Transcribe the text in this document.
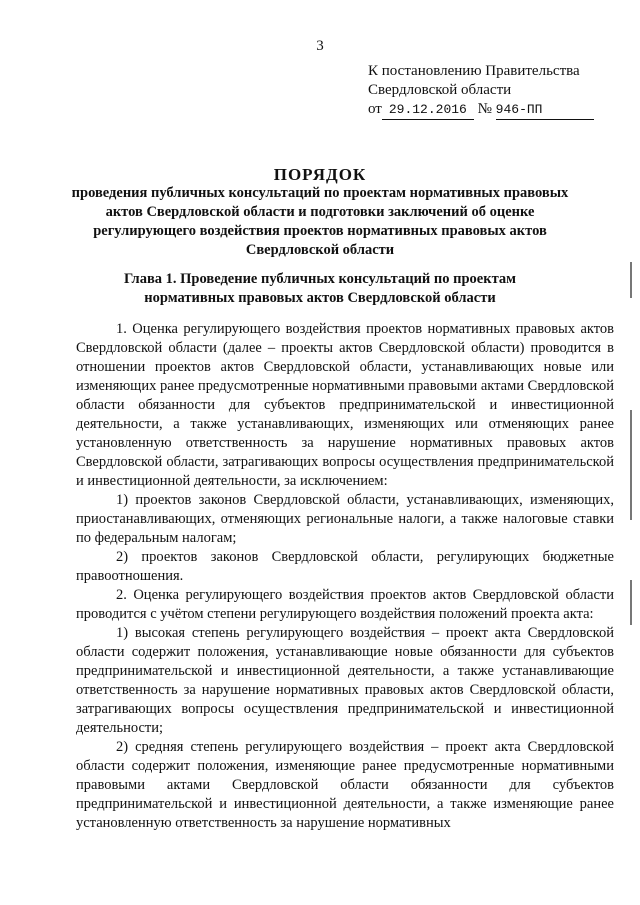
3
К постановлению Правительства
Свердловской области
от 29.12.2016 № 946-ПП
ПОРЯДОК
проведения публичных консультаций по проектам нормативных правовых актов Свердловской области и подготовки заключений об оценке регулирующего воздействия проектов нормативных правовых актов Свердловской области
Глава 1. Проведение публичных консультаций по проектам нормативных правовых актов Свердловской области

1. Оценка регулирующего воздействия проектов нормативных правовых актов Свердловской области (далее – проекты актов Свердловской области) проводится в отношении проектов актов Свердловской области, устанавливающих новые или изменяющих ранее предусмотренные нормативными правовыми актами Свердловской области обязанности для субъектов предпринимательской и инвестиционной деятельности, а также устанавливающих, изменяющих или отменяющих ранее установленную ответственность за нарушение нормативных правовых актов Свердловской области, затрагивающих вопросы осуществления предпринимательской и инвестиционной деятельности, за исключением:

1) проектов законов Свердловской области, устанавливающих, изменяющих, приостанавливающих, отменяющих региональные налоги, а также налоговые ставки по федеральным налогам;

2) проектов законов Свердловской области, регулирующих бюджетные правоотношения.

2. Оценка регулирующего воздействия проектов актов Свердловской области проводится с учётом степени регулирующего воздействия положений проекта акта:

1) высокая степень регулирующего воздействия – проект акта Свердловской области содержит положения, устанавливающие новые обязанности для субъектов предпринимательской и инвестиционной деятельности, а также устанавливающие ответственность за нарушение нормативных правовых актов Свердловской области, затрагивающих вопросы осуществления предпринимательской и инвестиционной деятельности;

2) средняя степень регулирующего воздействия – проект акта Свердловской области содержит положения, изменяющие ранее предусмотренные нормативными правовыми актами Свердловской области обязанности для субъектов предпринимательской и инвестиционной деятельности, а также изменяющие ранее установленную ответственность за нарушение нормативных
